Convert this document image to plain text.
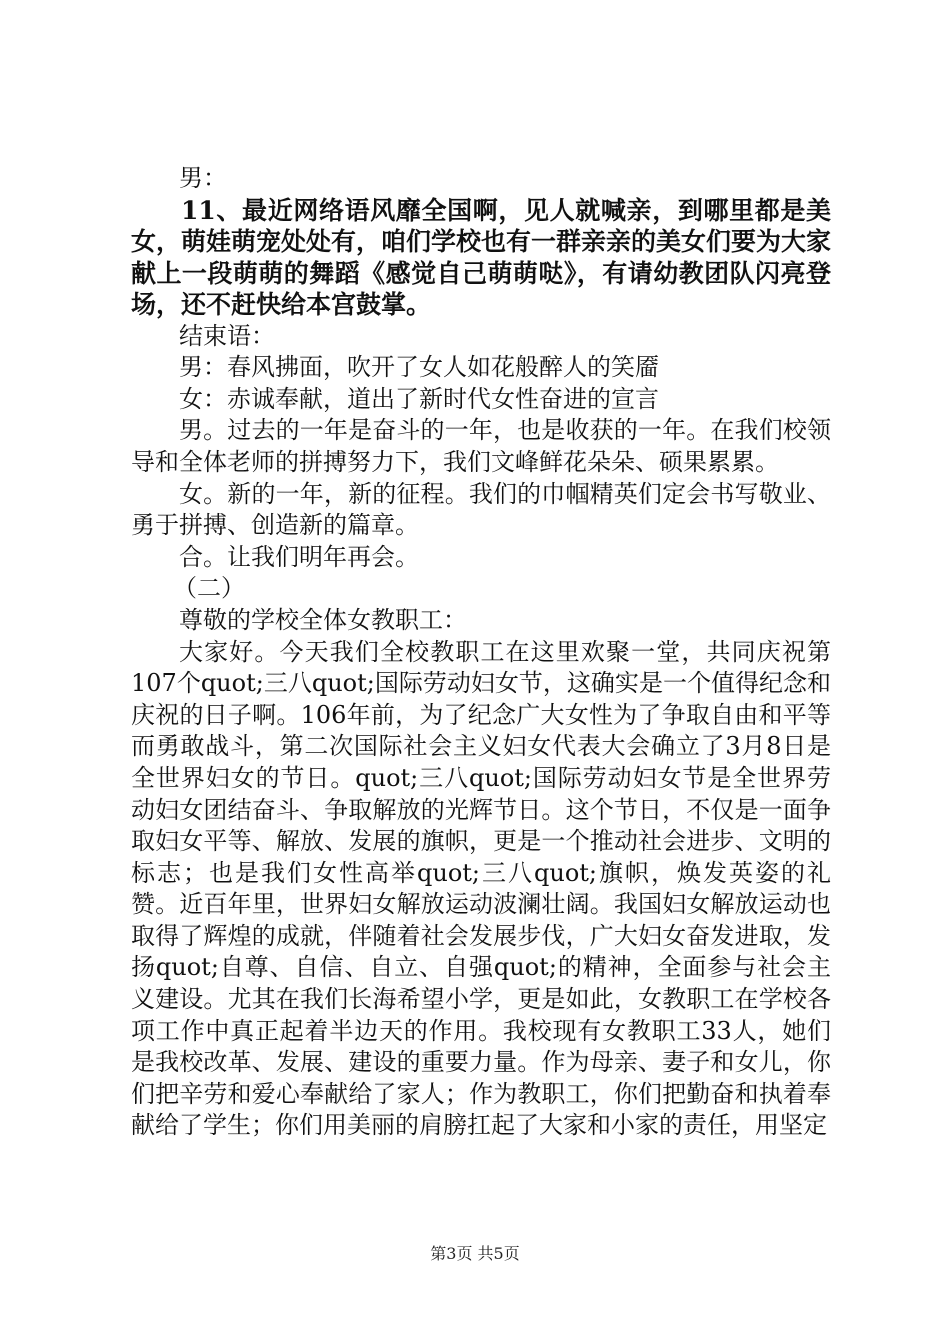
男：

11、最近网络语风靡全国啊，见人就喊亲，到哪里都是美女，萌娃萌宠处处有，咱们学校也有一群亲亲的美女们要为大家献上一段萌萌的舞蹈《感觉自己萌萌哒》，有请幼教团队闪亮登场，还不赶快给本宫鼓掌。

结束语：

男：春风拂面，吹开了女人如花般醉人的笑靥

女：赤诚奉献，道出了新时代女性奋进的宣言

男。过去的一年是奋斗的一年，也是收获的一年。在我们校领导和全体老师的拼搏努力下，我们文峰鲜花朵朵、硕果累累。

女。新的一年，新的征程。我们的巾帼精英们定会书写敬业、勇于拼搏、创造新的篇章。

合。让我们明年再会。

（二）

尊敬的学校全体女教职工：

大家好。今天我们全校教职工在这里欢聚一堂，共同庆祝第107个quot;三八quot;国际劳动妇女节，这确实是一个值得纪念和庆祝的日子啊。106年前，为了纪念广大女性为了争取自由和平等而勇敢战斗，第二次国际社会主义妇女代表大会确立了3月8日是全世界妇女的节日。quot;三八quot;国际劳动妇女节是全世界劳动妇女团结奋斗、争取解放的光辉节日。这个节日，不仅是一面争取妇女平等、解放、发展的旗帜，更是一个推动社会进步、文明的标志；也是我们女性高举quot;三八quot;旗帜，焕发英姿的礼赞。近百年里，世界妇女解放运动波澜壮阔。我国妇女解放运动也取得了辉煌的成就，伴随着社会发展步伐，广大妇女奋发进取，发扬quot;自尊、自信、自立、自强quot;的精神，全面参与社会主义建设。尤其在我们长海希望小学，更是如此，女教职工在学校各项工作中真正起着半边天的作用。我校现有女教职工33人，她们是我校改革、发展、建设的重要力量。作为母亲、妻子和女儿，你们把辛劳和爱心奉献给了家人；作为教职工，你们把勤奋和执着奉献给了学生；你们用美丽的肩膀扛起了大家和小家的责任，用坚定

第3页 共5页
